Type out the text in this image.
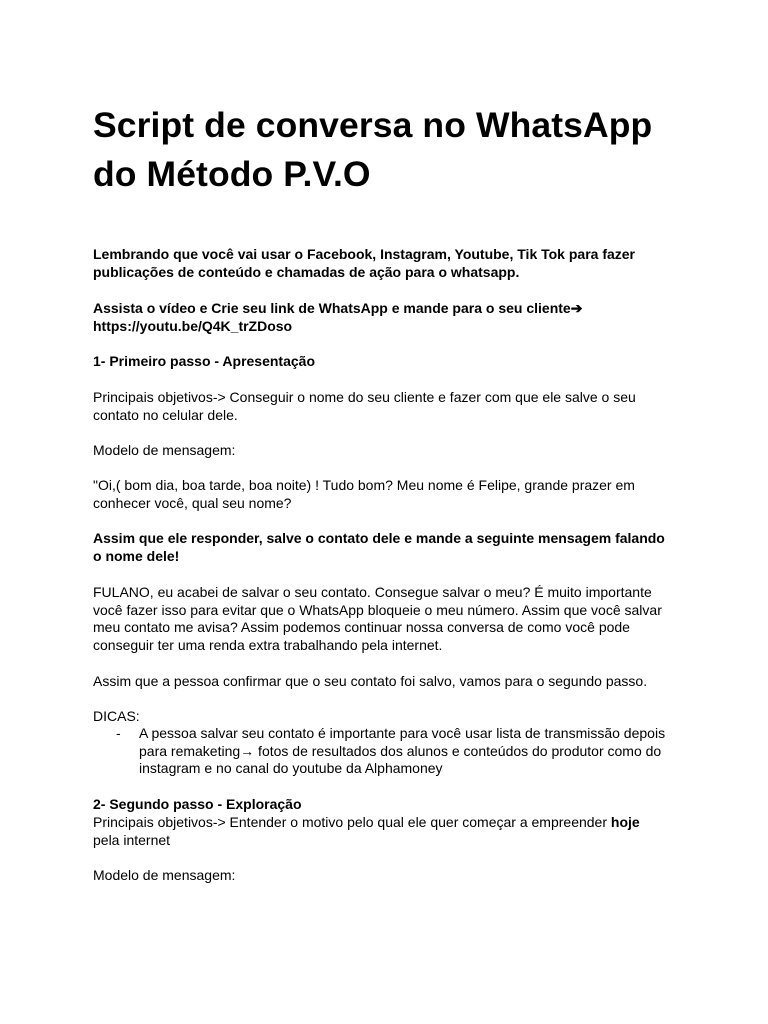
Script de conversa no WhatsApp
do Método P.V.O

Lembrando que você vai usar o Facebook, Instagram, Youtube, Tik Tok para fazer
publicações de conteúdo e chamadas de ação para o whatsapp.

Assista o vídeo e Crie seu link de WhatsApp e mande para o seu cliente➔
https://youtu.be/Q4K_trZDoso

1- Primeiro passo - Apresentação

Principais objetivos-> Conseguir o nome do seu cliente e fazer com que ele salve o seu
contato no celular dele.

Modelo de mensagem:

"Oi,( bom dia, boa tarde, boa noite) ! Tudo bom? Meu nome é Felipe, grande prazer em
conhecer você, qual seu nome?

Assim que ele responder, salve o contato dele e mande a seguinte mensagem falando
o nome dele!

FULANO, eu acabei de salvar o seu contato. Consegue salvar o meu? É muito importante
você fazer isso para evitar que o WhatsApp bloqueie o meu número. Assim que você salvar
meu contato me avisa? Assim podemos continuar nossa conversa de como você pode
conseguir ter uma renda extra trabalhando pela internet.

Assim que a pessoa confirmar que o seu contato foi salvo, vamos para o segundo passo.

DICAS:

- A pessoa salvar seu contato é importante para você usar lista de transmissão depois
para remaketing→ fotos de resultados dos alunos e conteúdos do produtor como do
instagram e no canal do youtube da Alphamoney

2- Segundo passo - Exploração

Principais objetivos-> Entender o motivo pelo qual ele quer começar a empreender hoje
pela internet

Modelo de mensagem:
